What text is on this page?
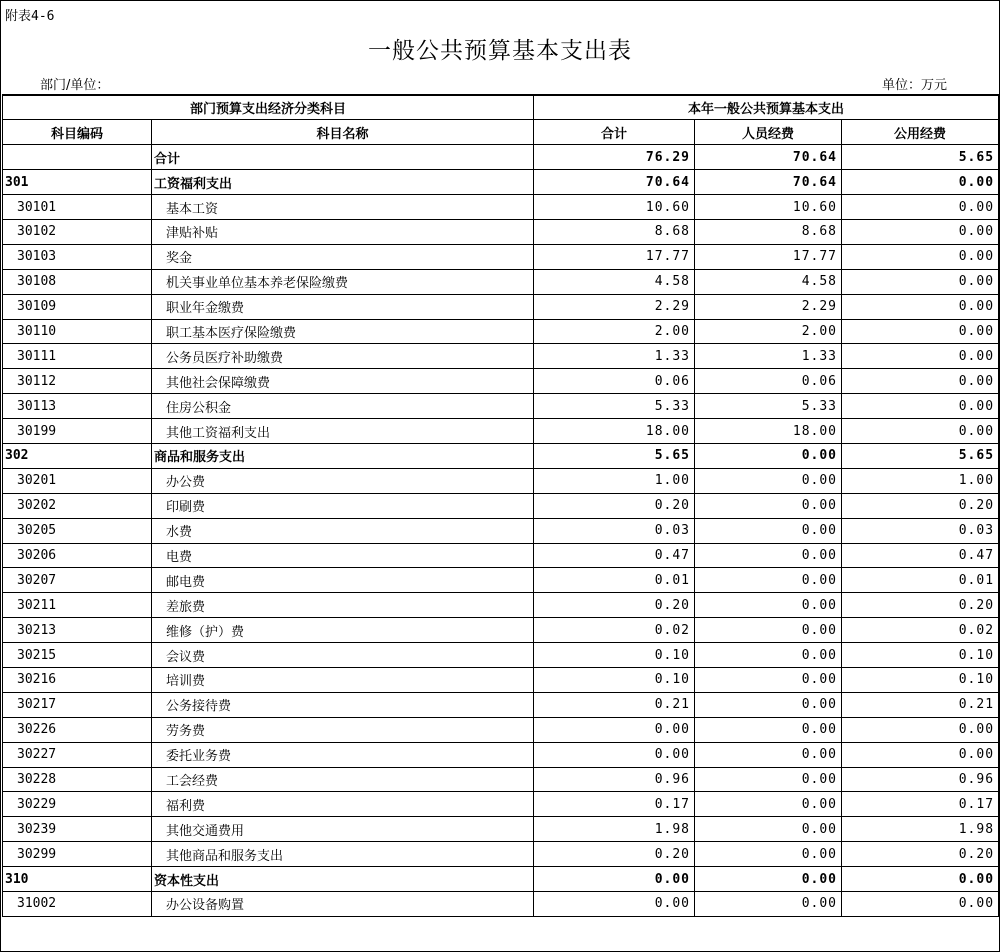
附表4-6
一般公共预算基本支出表
部门/单位：	单位：万元
部门预算支出经济分类科目		本年一般公共预算基本支出		
科目编码	科目名称	合计	人员经费	公用经费
	合计	76.29	70.64	5.65
301	工资福利支出	70.64	70.64	0.00
30101	基本工资	10.60	10.60	0.00
30102	津贴补贴	8.68	8.68	0.00
30103	奖金	17.77	17.77	0.00
30108	机关事业单位基本养老保险缴费	4.58	4.58	0.00
30109	职业年金缴费	2.29	2.29	0.00
30110	职工基本医疗保险缴费	2.00	2.00	0.00
30111	公务员医疗补助缴费	1.33	1.33	0.00
30112	其他社会保障缴费	0.06	0.06	0.00
30113	住房公积金	5.33	5.33	0.00
30199	其他工资福利支出	18.00	18.00	0.00
302	商品和服务支出	5.65	0.00	5.65
30201	办公费	1.00	0.00	1.00
30202	印刷费	0.20	0.00	0.20
30205	水费	0.03	0.00	0.03
30206	电费	0.47	0.00	0.47
30207	邮电费	0.01	0.00	0.01
30211	差旅费	0.20	0.00	0.20
30213	维修（护）费	0.02	0.00	0.02
30215	会议费	0.10	0.00	0.10
30216	培训费	0.10	0.00	0.10
30217	公务接待费	0.21	0.00	0.21
30226	劳务费	0.00	0.00	0.00
30227	委托业务费	0.00	0.00	0.00
30228	工会经费	0.96	0.00	0.96
30229	福利费	0.17	0.00	0.17
30239	其他交通费用	1.98	0.00	1.98
30299	其他商品和服务支出	0.20	0.00	0.20
310	资本性支出	0.00	0.00	0.00
31002	办公设备购置	0.00	0.00	0.00
